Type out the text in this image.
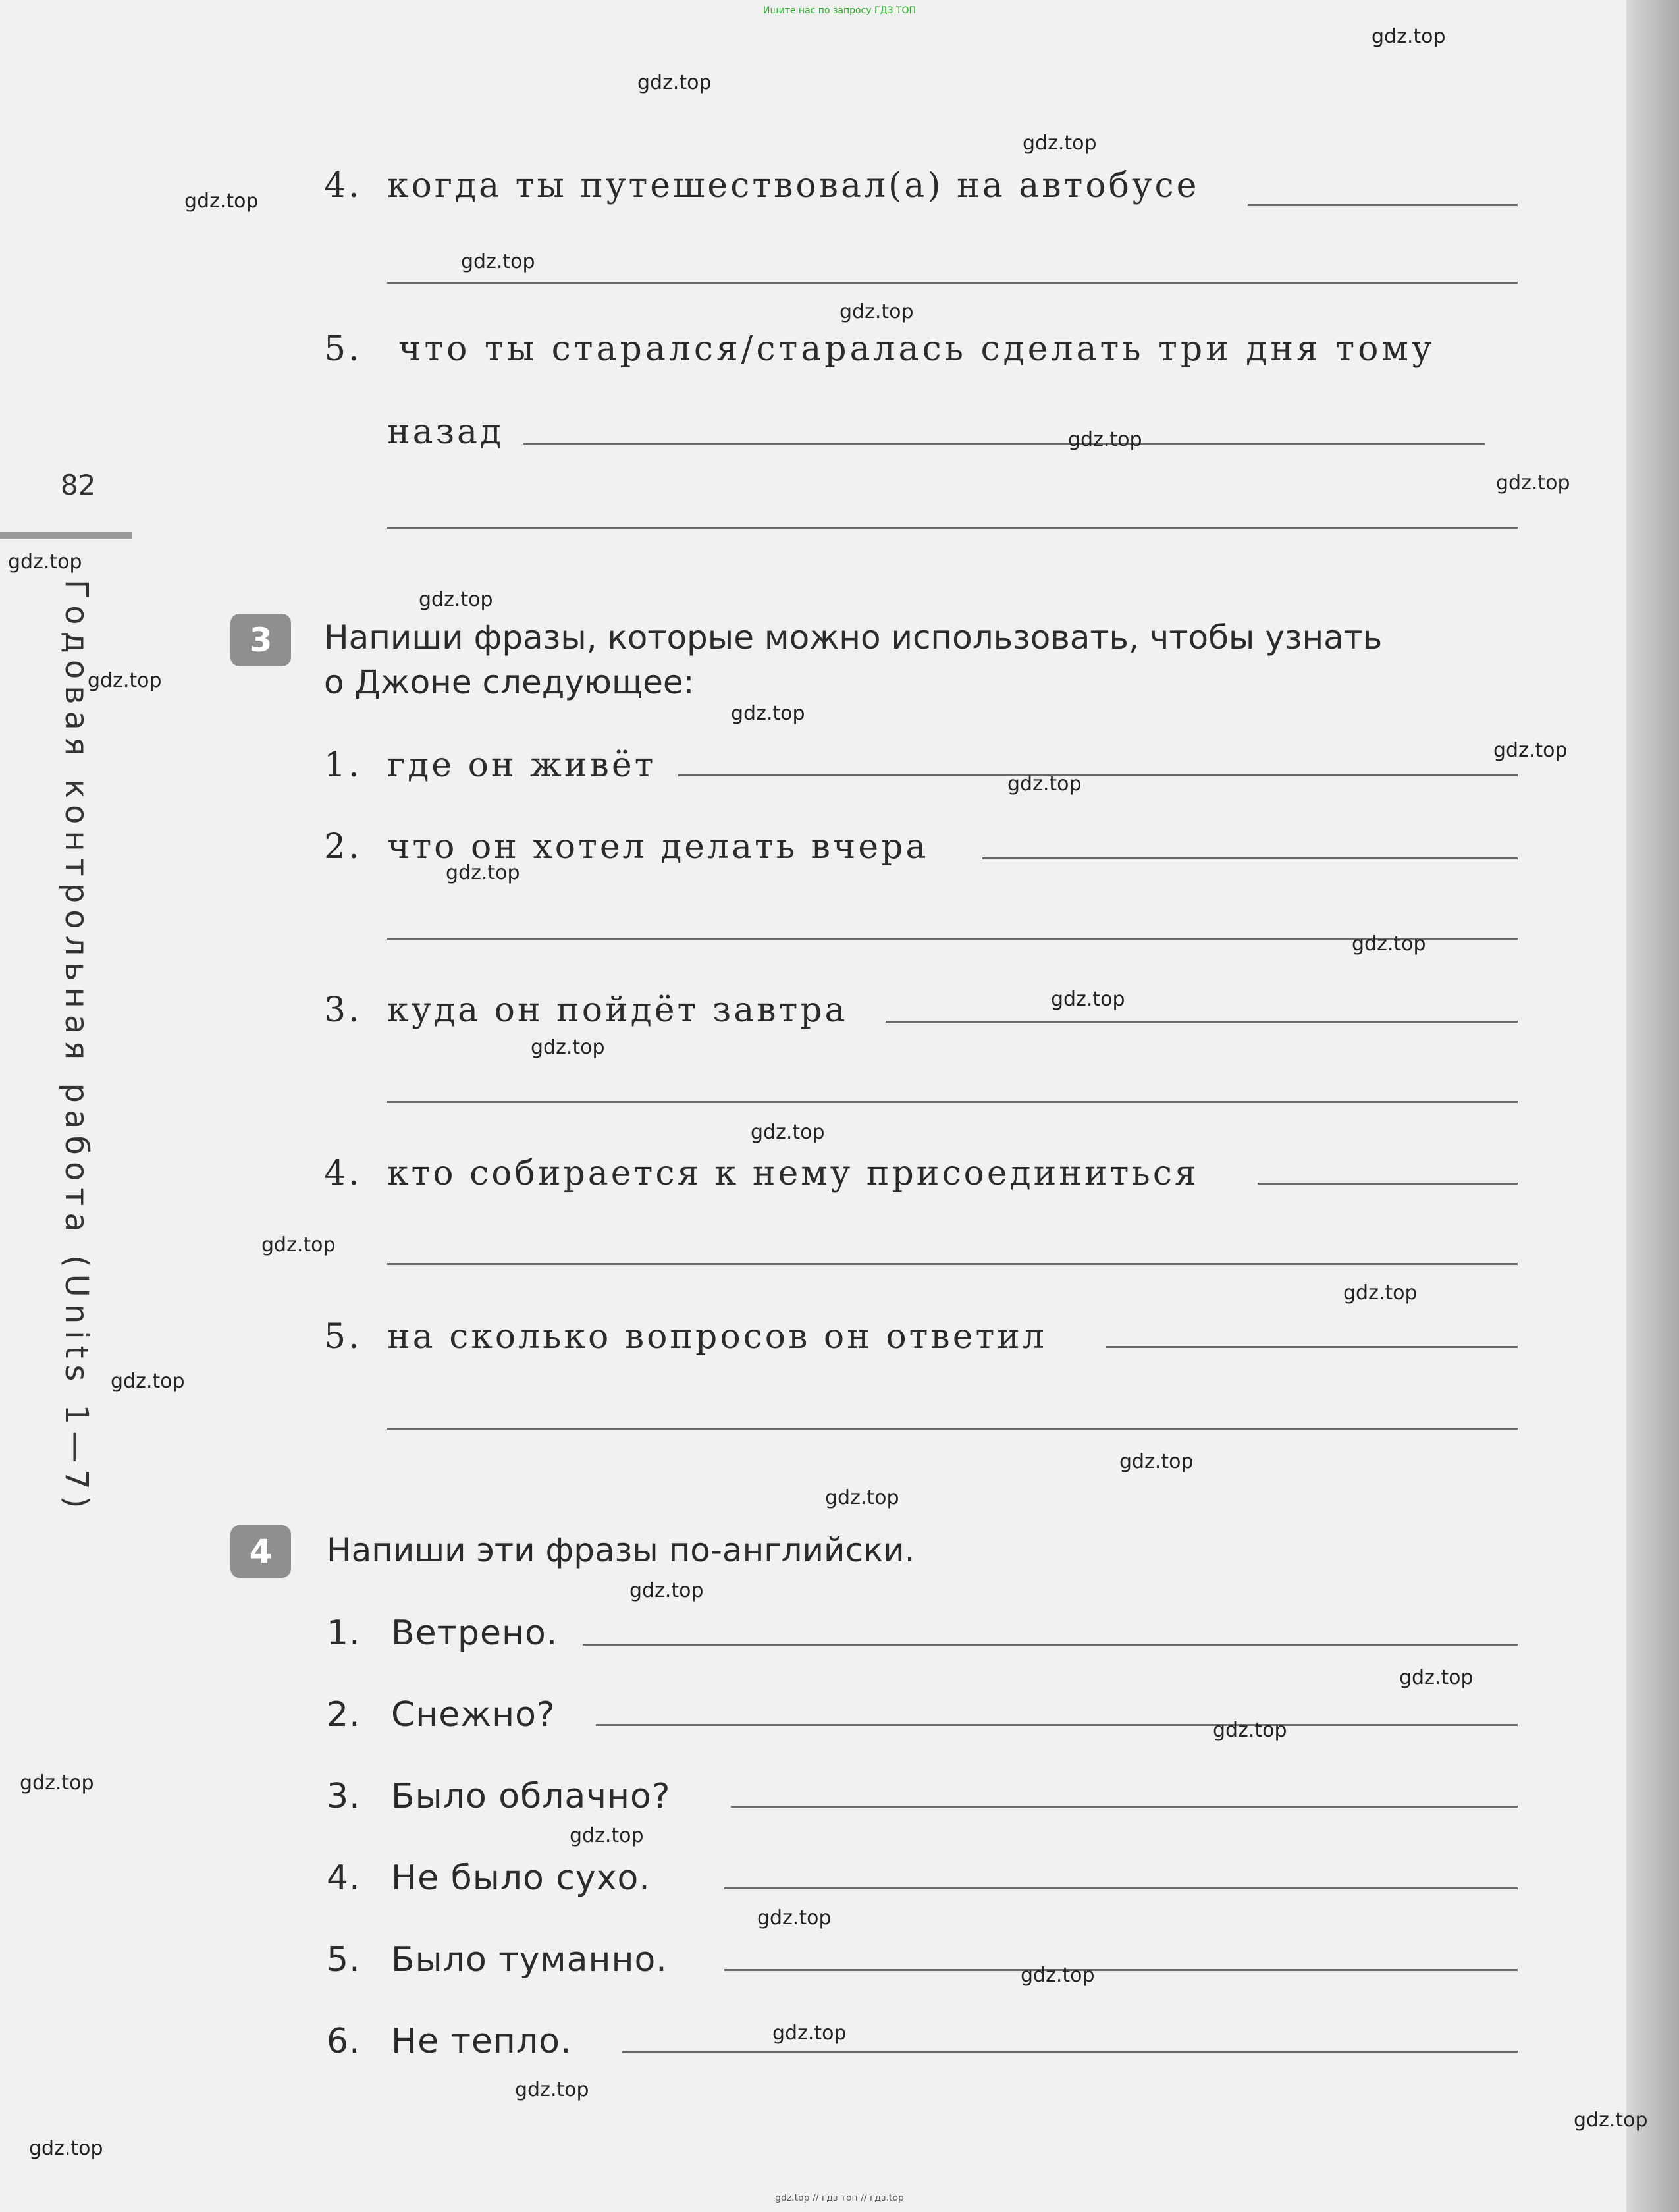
Ищите нас по запросу ГДЗ ТОП
82
Годовая контрольная работа (Units 1—7)
4. когда ты путешествовал(а) на автобусе
5. что ты старался/старалась сделать три дня тому
назад
3	Напиши фразы, которые можно использовать, чтобы узнать
о Джоне следующее:
1. где он живёт
2. что он хотел делать вчера
3. куда он пойдёт завтра
4. кто собирается к нему присоединиться
5. на сколько вопросов он ответил
4	Напиши эти фразы по-английски.
1. Ветрено.
2. Снежно?
3. Было облачно?
4. Не было сухо.
5. Было туманно.
6. Не тепло.
gdz.top
gdz.top
gdz.top
gdz.top
gdz.top
gdz.top
gdz.top
gdz.top
gdz.top
gdz.top
gdz.top
gdz.top
gdz.top
gdz.top
gdz.top
gdz.top
gdz.top
gdz.top
gdz.top
gdz.top
gdz.top
gdz.top
gdz.top
gdz.top
gdz.top
gdz.top
gdz.top
gdz.top
gdz.top
gdz.top
gdz.top
gdz.top
gdz.top
gdz.top
gdz.top
gdz.top // гдз топ // гдз.top
